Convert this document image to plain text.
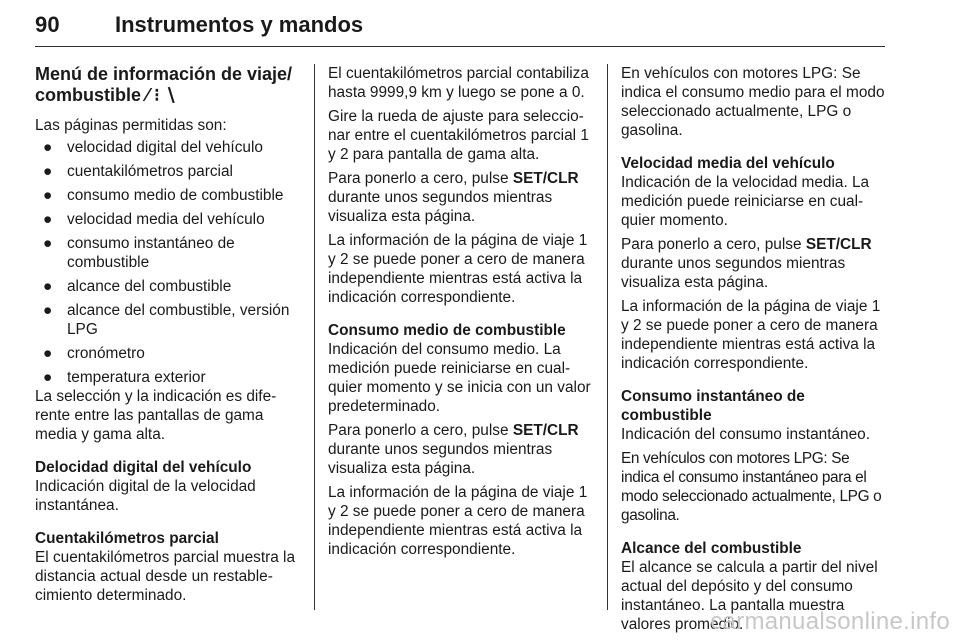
90	Instrumentos y mandos
Menú de información de viaje/
combustible ⁄ ⁝ ∖

Las páginas permitidas son:

● velocidad digital del vehículo
● cuentakilómetros parcial
● consumo medio de combustible
● velocidad media del vehículo
● consumo instantáneo de combustible
● alcance del combustible
● alcance del combustible, versión LPG
● cronómetro
● temperatura exterior

La selección y la indicación es diferente entre las pantallas de gama media y gama alta.

Delocidad digital del vehículo

Indicación digital de la velocidad instantánea.

Cuentakilómetros parcial

El cuentakilómetros parcial muestra la distancia actual desde un restablecimiento determinado.

El cuentakilómetros parcial contabiliza hasta 9999,9 km y luego se pone a 0.

Gire la rueda de ajuste para seleccionar entre el cuentakilómetros parcial 1 y 2 para pantalla de gama alta.

Para ponerlo a cero, pulse SET/CLR durante unos segundos mientras visualiza esta página.

La información de la página de viaje 1 y 2 se puede poner a cero de manera independiente mientras está activa la indicación correspondiente.

Consumo medio de combustible

Indicación del consumo medio. La medición puede reiniciarse en cualquier momento y se inicia con un valor predeterminado.

Para ponerlo a cero, pulse SET/CLR durante unos segundos mientras visualiza esta página.

La información de la página de viaje 1 y 2 se puede poner a cero de manera independiente mientras está activa la indicación correspondiente.

En vehículos con motores LPG: Se indica el consumo medio para el modo seleccionado actualmente, LPG o gasolina.

Velocidad media del vehículo

Indicación de la velocidad media. La medición puede reiniciarse en cualquier momento.

Para ponerlo a cero, pulse SET/CLR durante unos segundos mientras visualiza esta página.

La información de la página de viaje 1 y 2 se puede poner a cero de manera independiente mientras está activa la indicación correspondiente.

Consumo instantáneo de
combustible

Indicación del consumo instantáneo.

En vehículos con motores LPG: Se indica el consumo instantáneo para el modo seleccionado actualmente, LPG o gasolina.

Alcance del combustible

El alcance se calcula a partir del nivel actual del depósito y del consumo instantáneo. La pantalla muestra valores promedio.

carmanualsonline.info
